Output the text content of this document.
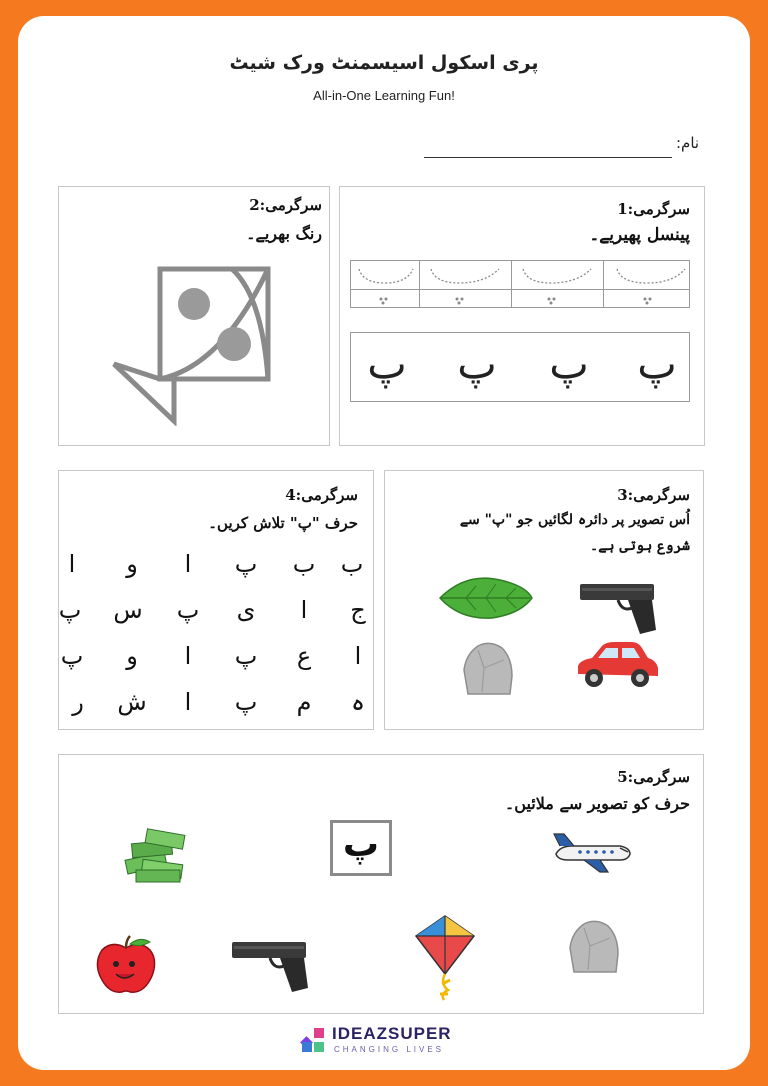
پری اسکول اسیسمنٹ ورک شیٹ
All-in-One Learning Fun!
نام:
سرگرمی:1
پینسل پھیریے۔
پ پ پ پ
سرگرمی:2
رنگ بھریے۔
سرگرمی:4
حرف "پ" تلاش کریں۔
ب
ب
پ
ا
و
ا
ج
ا
ی
پ
س
پ
ا
ع
پ
ا
و
پ
ہ
م
پ
ا
ش
ر
سرگرمی:3
اُس تصویر پر دائرہ لگائیں جو "پ" سے
شروع ہوتی ہے۔
سرگرمی:5
حرف کو تصویر سے ملائیں۔
پ
IDEAZSUPER
CHANGING LIVES
